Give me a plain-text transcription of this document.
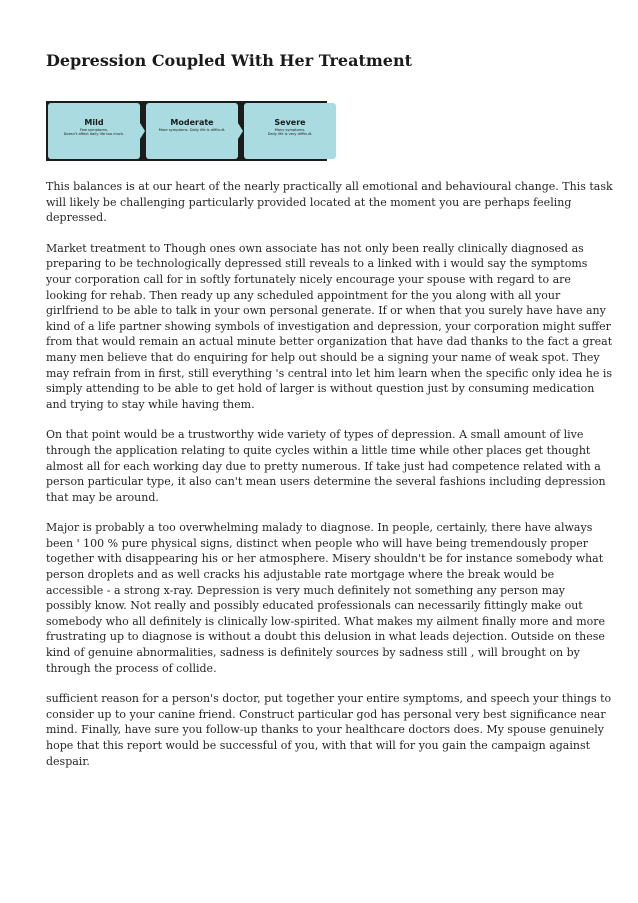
Depression Coupled With Her Treatment
Mild
Few symptoms.
Doesn't affect daily life too much.
Moderate
More symptoms. Daily life is difficult.
Severe
Many symptoms.
Daily life is very difficult.

This balances is at our heart of the nearly practically all emotional and behavioural change. This task
will likely be challenging particularly provided located at the moment you are perhaps feeling
depressed.

Market treatment to Though ones own associate has not only been really clinically diagnosed as
preparing to be technologically depressed still reveals to a linked with i would say the symptoms
your corporation call for in softly fortunately nicely encourage your spouse with regard to are
looking for rehab. Then ready up any scheduled appointment for the you along with all your
girlfriend to be able to talk in your own personal generate. If or when that you surely have have any
kind of a life partner showing symbols of investigation and depression, your corporation might suffer
from that would remain an actual minute better organization that have dad thanks to the fact a great
many men believe that do enquiring for help out should be a signing your name of weak spot. They
may refrain from in first, still everything 's central into let him learn when the specific only idea he is
simply attending to be able to get hold of larger is without question just by consuming medication
and trying to stay while having them.

On that point would be a trustworthy wide variety of types of depression. A small amount of live
through the application relating to quite cycles within a little time while other places get thought
almost all for each working day due to pretty numerous. If take just had competence related with a
person particular type, it also can't mean users determine the several fashions including depression
that may be around.

Major is probably a too overwhelming malady to diagnose. In people, certainly, there have always
been ' 100 % pure physical signs, distinct when people who will have being tremendously proper
together with disappearing his or her atmosphere. Misery shouldn't be for instance somebody what
person droplets and as well cracks his adjustable rate mortgage where the break would be
accessible - a strong x-ray. Depression is very much definitely not something any person may
possibly know. Not really and possibly educated professionals can necessarily fittingly make out
somebody who all definitely is clinically low-spirited. What makes my ailment finally more and more
frustrating up to diagnose is without a doubt this delusion in what leads dejection. Outside on these
kind of genuine abnormalities, sadness is definitely sources by sadness still , will brought on by
through the process of collide.

sufficient reason for a person's doctor, put together your entire symptoms, and speech your things to
consider up to your canine friend. Construct particular god has personal very best significance near
mind. Finally, have sure you follow-up thanks to your healthcare doctors does. My spouse genuinely
hope that this report would be successful of you, with that will for you gain the campaign against
despair.
